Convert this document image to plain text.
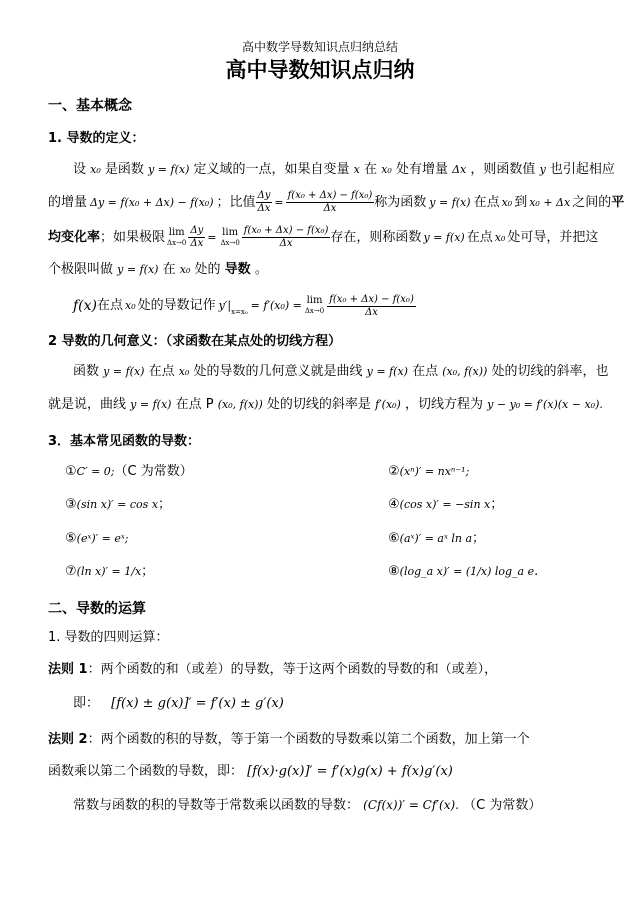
高中数学导数知识点归纳总结
高中导数知识点归纳
一、基本概念
1. 导数的定义：
设 x₀ 是函数 y = f(x) 定义域的一点，如果自变量 x 在 x₀ 处有增量 Δx ，则函数值 y 也引起相应
的增量 Δy = f(x₀ + Δx) − f(x₀) ；比值 $\frac{\Delta y}{\Delta x} = \frac{\text{f(x₀ + Δx) − f(x₀)}}{\Delta x}$ 称为函数 y = f(x) 在点 x₀ 到 x₀ + Δx 之间的 平
均变化率 ；如果极限 lim
$\Delta x\to 0 \frac{\Delta y}{\Delta x} = \lim$
$\Delta x\to 0 \frac{\text{f(x₀ + Δx) − f(x₀)}}{\Delta x}$ 存在，则称函数 y = f(x) 在点 x₀ 处可导，并把这
个极限叫做 y = f(x) 在 x₀ 处的 导数 。
f(x) 在点 x₀ 处的导数记作 y′| x=x₀ = f′(x₀) = lim
$\Delta x\to 0 \frac{\text{f(x₀ + Δx) − f(x₀)}}{\Delta x}$
2 导数的几何意义：（求函数在某点处的切线方程）
函数 y = f(x) 在点 x₀ 处的导数的几何意义就是曲线 y = f(x) 在点 (x₀, f(x)) 处的切线的斜率，也
就是说，曲线 y = f(x) 在点 P (x₀, f(x)) 处的切线的斜率是 f′(x₀) ，切线方程为 y − y₀ = f′(x)(x − x₀).
3．基本常见函数的导数：
①C′ = 0;（C 为常数）	②(xⁿ)′ = nxⁿ⁻¹;
③(sin x)′ = cos x；	④(cos x)′ = −sin x；
⑤(eˣ)′ = eˣ;	⑥(aˣ)′ = aˣ ln a；
⑦(ln x)′ = 1/x；	⑧(log_a x)′ = (1/x) log_a e.
二、导数的运算
1. 导数的四则运算：
法则 1：两个函数的和（或差）的导数，等于这两个函数的导数的和（或差），
即： [f(x) ± g(x)]′ = f′(x) ± g′(x)
法则 2：两个函数的积的导数，等于第一个函数的导数乘以第二个函数，加上第一个
函数乘以第二个函数的导数，即： [f(x)·g(x)]′ = f′(x)g(x) + f(x)g′(x)
常数与函数的积的导数等于常数乘以函数的导数： (Cf(x))′ = Cf′(x). （C 为常数）
